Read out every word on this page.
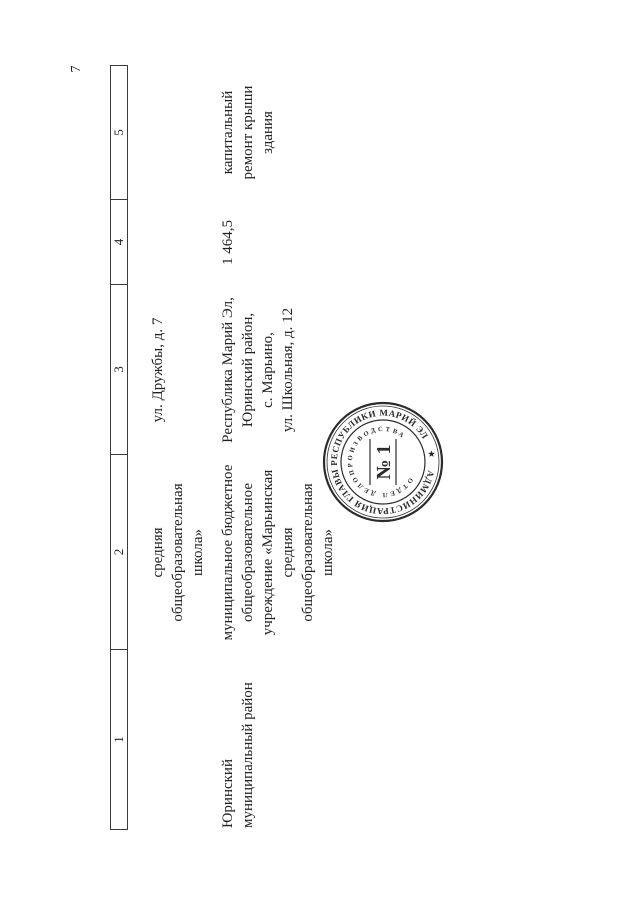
7
1
2
3
4
5
средняя
общеобразовательная
школа»
ул. Дружбы, д. 7
Юринский
муниципальный район
муниципальное бюджетное
общеобразовательное
учреждение «Марьинская
средняя
общеобразовательная
школа»
Республика Марий Эл,
Юринский район,
с. Марьино,
ул. Школьная, д. 12
1 464,5
капитальный
ремонт крыши
здания
АДМИНИСТРАЦИЯ ГЛАВЫ РЕСПУБЛИКИ МАРИЙ ЭЛ
ОТДЕЛ ДЕЛОПРОИЗВОДСТВА
№ 1
